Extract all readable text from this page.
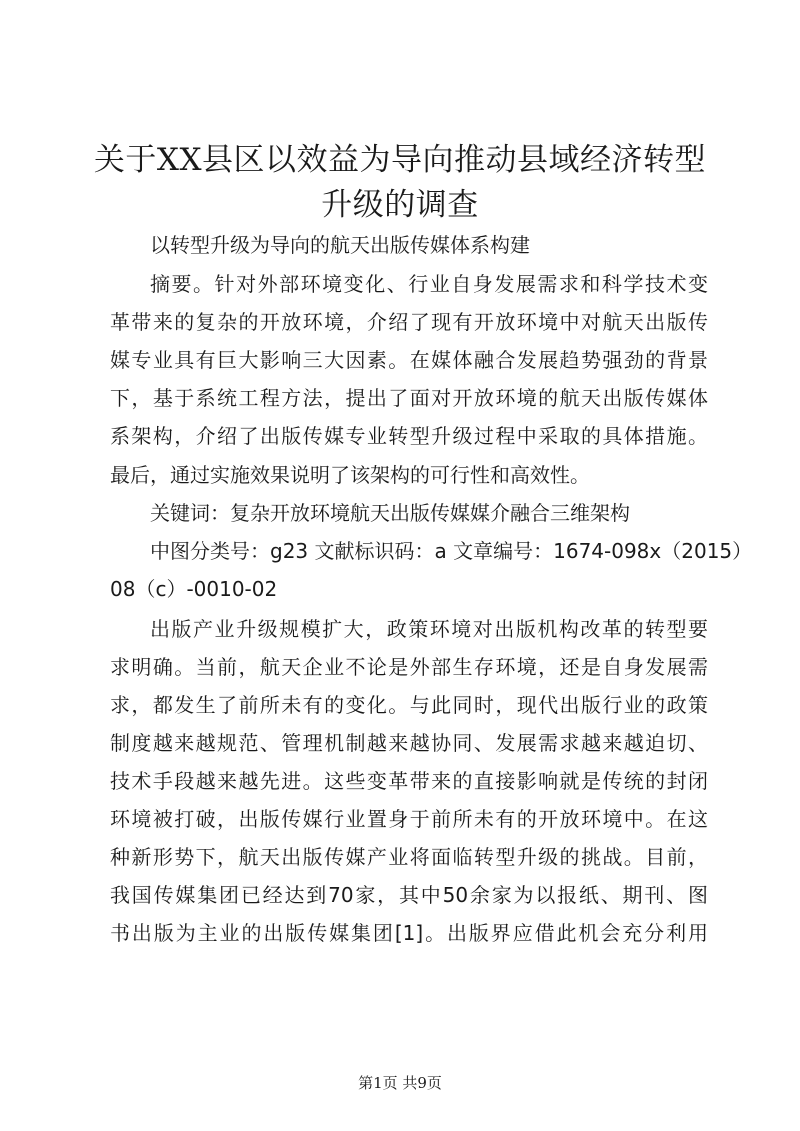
关于XX县区以效益为导向推动县域经济转型
升级的调查
以转型升级为导向的航天出版传媒体系构建
摘要。针对外部环境变化、行业自身发展需求和科学技术变
革带来的复杂的开放环境，介绍了现有开放环境中对航天出版传
媒专业具有巨大影响三大因素。在媒体融合发展趋势强劲的背景
下，基于系统工程方法，提出了面对开放环境的航天出版传媒体
系架构，介绍了出版传媒专业转型升级过程中采取的具体措施。
最后，通过实施效果说明了该架构的可行性和高效性。
关键词：复杂开放环境航天出版传媒媒介融合三维架构
中图分类号：g23 文献标识码：a 文章编号：1674-098x（2015）
08（c）-0010-02
出版产业升级规模扩大，政策环境对出版机构改革的转型要
求明确。当前，航天企业不论是外部生存环境，还是自身发展需
求，都发生了前所未有的变化。与此同时，现代出版行业的政策
制度越来越规范、管理机制越来越协同、发展需求越来越迫切、
技术手段越来越先进。这些变革带来的直接影响就是传统的封闭
环境被打破，出版传媒行业置身于前所未有的开放环境中。在这
种新形势下，航天出版传媒产业将面临转型升级的挑战。目前，
我国传媒集团已经达到70家，其中50余家为以报纸、期刊、图
书出版为主业的出版传媒集团[1]。出版界应借此机会充分利用
第1页 共9页
